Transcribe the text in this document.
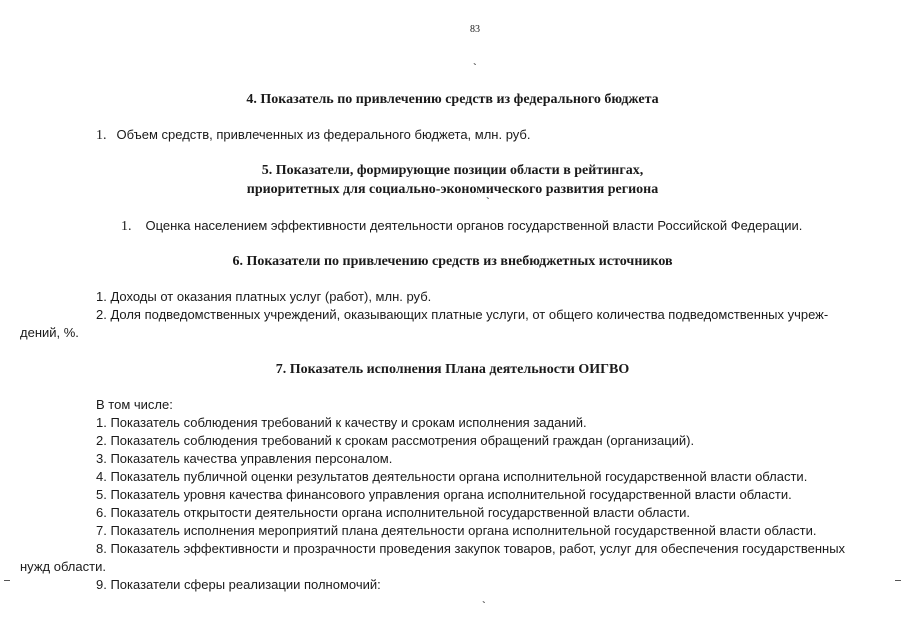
83
`
4. Показатель по привлечению средств из федерального бюджета
1. Объем средств, привлеченных из федерального бюджета, млн. руб.
5. Показатели, формирующие позиции области в рейтингах,
приоритетных для социально-экономического развития региона
`
1. Оценка населением эффективности деятельности органов государственной власти Российской Федерации.
6. Показатели по привлечению средств из внебюджетных источников
1. Доходы от оказания платных услуг (работ), млн. руб.
2. Доля подведомственных учреждений, оказывающих платные услуги, от общего количества подведомственных учреж-
дений, %.
7. Показатель исполнения Плана деятельности ОИГВО
В том числе:
1. Показатель соблюдения требований к качеству и срокам исполнения заданий.
2. Показатель соблюдения требований к срокам рассмотрения обращений граждан (организаций).
3. Показатель качества управления персоналом.
4. Показатель публичной оценки результатов деятельности органа исполнительной государственной власти области.
5. Показатель уровня качества финансового управления органа исполнительной государственной власти области.
6. Показатель открытости деятельности органа исполнительной государственной власти области.
7. Показатель исполнения мероприятий плана деятельности органа исполнительной государственной власти области.
8. Показатель эффективности и прозрачности проведения закупок товаров, работ, услуг для обеспечения государственных
нужд области.
9. Показатели сферы реализации полномочий:
`
